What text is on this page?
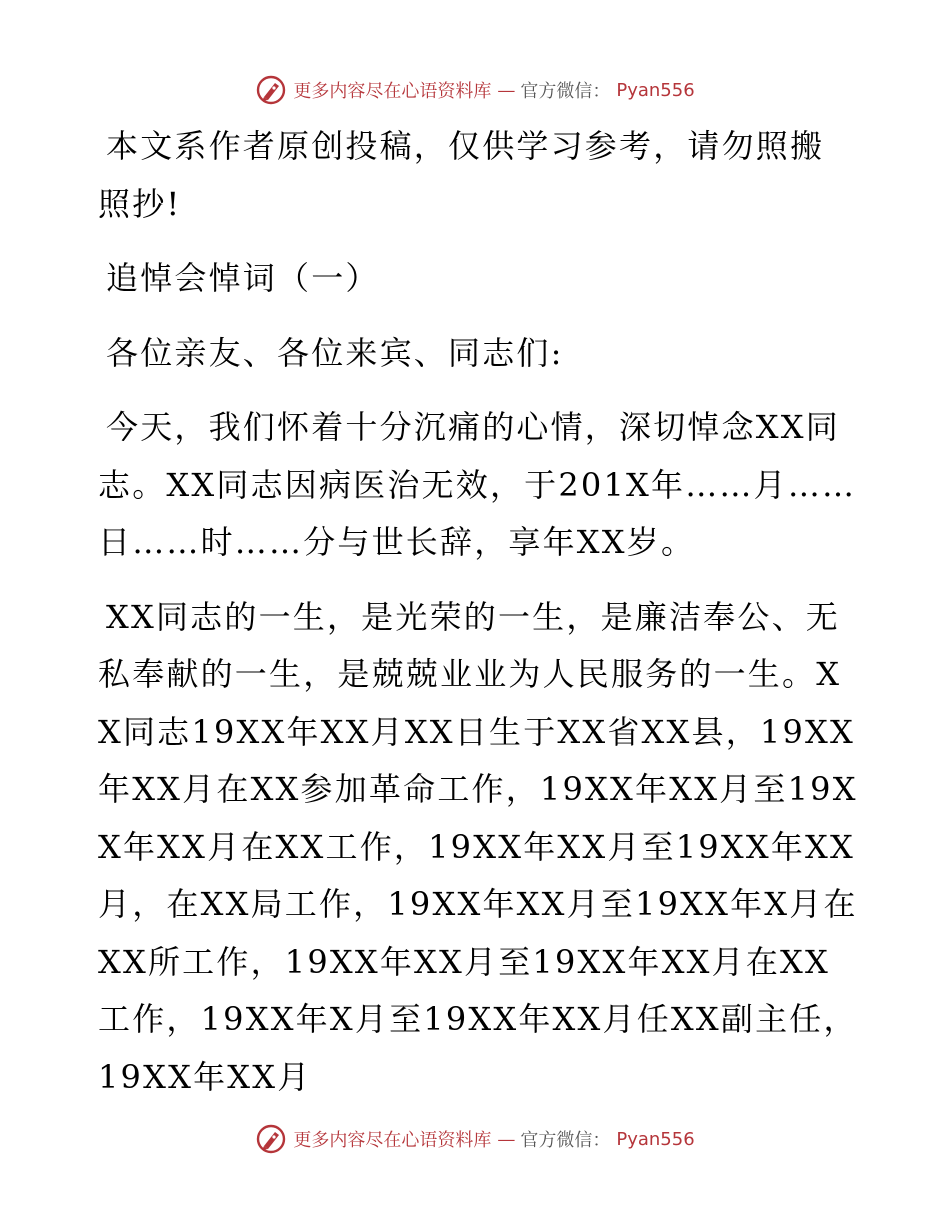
更多内容尽在心语资料库 — 官方微信： Pyan556

本文系作者原创投稿，仅供学习参考，请勿照搬照抄!

追悼会悼词（一）

各位亲友、各位来宾、同志们:

今天，我们怀着十分沉痛的心情，深切悼念XX同志。XX同志因病医治无效，于201X年……月……日……时……分与世长辞，享年XX岁。

XX同志的一生，是光荣的一生，是廉洁奉公、无私奉献的一生，是兢兢业业为人民服务的一生。XX同志19XX年XX月XX日生于XX省XX县，19XX年XX月在XX参加革命工作，19XX年XX月至19XX年XX月在XX工作，19XX年XX月至19XX年XX月，在XX局工作，19XX年XX月至19XX年X月在XX所工作，19XX年XX月至19XX年XX月在XX工作，19XX年X月至19XX年XX月任XX副主任，19XX年XX月

更多内容尽在心语资料库 — 官方微信： Pyan556
